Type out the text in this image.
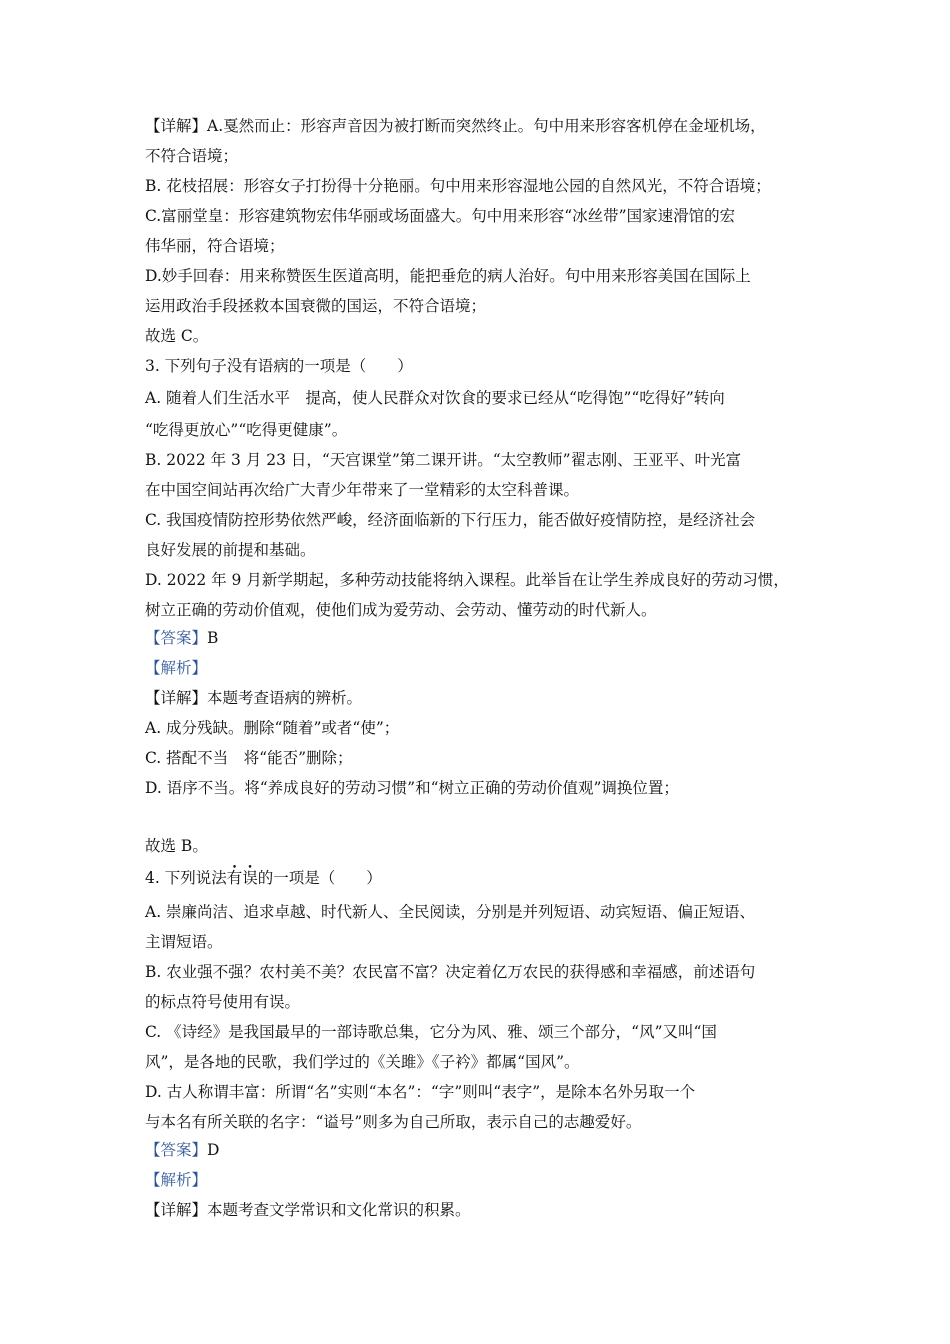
【详解】A.戛然而止：形容声音因为被打断而突然终止。句中用来形容客机停在金垭机场，
不符合语境；
B. 花枝招展：形容女子打扮得十分艳丽。句中用来形容湿地公园的自然风光，不符合语境；
C.富丽堂皇：形容建筑物宏伟华丽或场面盛大。句中用来形容“冰丝带”国家速滑馆的宏
伟华丽，符合语境；
D.妙手回春：用来称赞医生医道高明，能把垂危的病人治好。句中用来形容美国在国际上
运用政治手段拯救本国衰微的国运，不符合语境；
故选 C。
3. 下列句子没有语病的一项是（　　）
A. 随着人们生活水平　提高，使人民群众对饮食的要求已经从“吃得饱”“吃得好”转向
“吃得更放心”“吃得更健康”。
B. 2022 年 3 月 23 日，“天宫课堂”第二课开讲。“太空教师”翟志刚、王亚平、叶光富
在中国空间站再次给广大青少年带来了一堂精彩的太空科普课。
C. 我国疫情防控形势依然严峻，经济面临新的下行压力，能否做好疫情防控，是经济社会
良好发展的前提和基础。
D. 2022 年 9 月新学期起，多种劳动技能将纳入课程。此举旨在让学生养成良好的劳动习惯，
树立正确的劳动价值观，使他们成为爱劳动、会劳动、懂劳动的时代新人。
【答案】B
【解析】
【详解】本题考查语病的辨析。
A. 成分残缺。删除“随着”或者“使”；
C. 搭配不当　将“能否”删除；
D. 语序不当。将“养成良好的劳动习惯”和“树立正确的劳动价值观”调换位置；
故选 B。
4. 下列说法有误的一项是（　　）
A. 崇廉尚洁、追求卓越、时代新人、全民阅读，分别是并列短语、动宾短语、偏正短语、
主谓短语。
B. 农业强不强？农村美不美？农民富不富？决定着亿万农民的获得感和幸福感，前述语句
的标点符号使用有误。
C. 《诗经》是我国最早的一部诗歌总集，它分为风、雅、颂三个部分，“风”又叫“国
风”，是各地的民歌，我们学过的《关雎》《子衿》都属“国风”。
D. 古人称谓丰富：所谓“名”实则“本名”：“字”则叫“表字”，是除本名外另取一个
与本名有所关联的名字：“谥号”则多为自己所取，表示自己的志趣爱好。
【答案】D
【解析】
【详解】本题考查文学常识和文化常识的积累。
